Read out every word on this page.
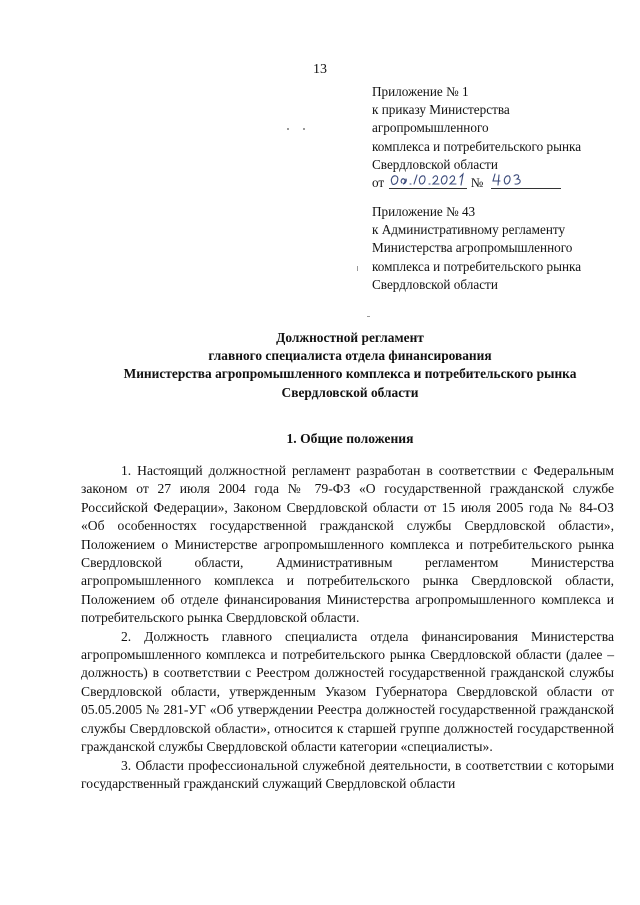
13
Приложение № 1
к приказу Министерства
агропромышленного
комплекса и потребительского рынка
Свердловской области
от	№
Приложение № 43
к Административному регламенту
Министерства агропромышленного
комплекса и потребительского рынка
Свердловской области
Должностной регламент
главного специалиста отдела финансирования
Министерства агропромышленного комплекса и потребительского рынка
Свердловской области
1. Общие положения

1. Настоящий должностной регламент разработан в соответствии с Федеральным законом от 27 июля 2004 года № 79-ФЗ «О государственной гражданской службе Российской Федерации», Законом Свердловской области от 15 июля 2005 года № 84-ОЗ «Об особенностях государственной гражданской службы Свердловской области», Положением о Министерстве агропромышленного комплекса и потребительского рынка Свердловской области, Административным регламентом Министерства агропромышленного комплекса и потребительского рынка Свердловской области, Положением об отделе финансирования Министерства агропромышленного комплекса и потребительского рынка Свердловской области.

2. Должность главного специалиста отдела финансирования Министерства агропромышленного комплекса и потребительского рынка Свердловской области (далее – должность) в соответствии с Реестром должностей государственной гражданской службы Свердловской области, утвержденным Указом Губернатора Свердловской области от 05.05.2005 № 281-УГ «Об утверждении Реестра должностей государственной гражданской службы Свердловской области», относится к старшей группе должностей государственной гражданской службы Свердловской области категории «специалисты».

3. Области профессиональной служебной деятельности, в соответствии с которыми государственный гражданский служащий Свердловской области
